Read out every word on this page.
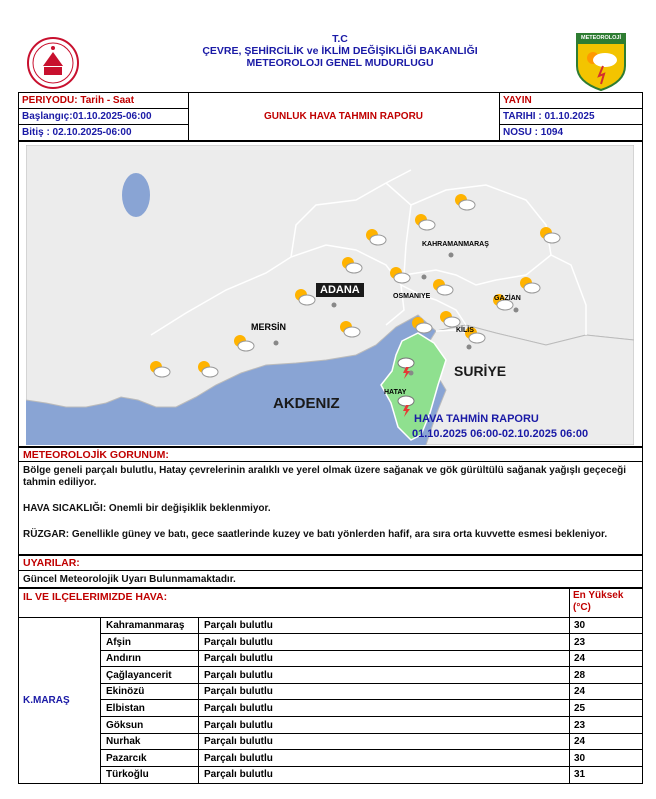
T.C
ÇEVRE, ŞEHİRCİLİK ve İKLİM DEĞİŞİKLİĞİ BAKANLIĞI
METEOROLOJI GENEL MUDURLUGU
METEOROLOJİ
PERIYODU: Tarih - Saat
Başlangıç:01.10.2025-06:00
Bitiş : 02.10.2025-06:00
GUNLUK HAVA TAHMIN RAPORU
YAYIN
TARIHI : 01.10.2025
NOSU : 1094
ADANA
MERSİN
OSMANIYE
KAHRAMANMARAŞ
GAZİAN
KİLİS
HATAY
SURİYE
AKDENIZ
HAVA TAHMİN RAPORU
01.10.2025 06:00-02.10.2025 06:00
METEOROLOJİK GORUNUM:
Bölge geneli parçalı bulutlu, Hatay çevrelerinin aralıklı ve yerel olmak üzere sağanak ve gök gürültülü sağanak yağışlı geçeceği tahmin ediliyor.
HAVA SICAKLIĞI: Onemli bir değişiklik beklenmiyor.
RÜZGAR: Genellikle güney ve batı, gece saatlerinde kuzey ve batı yönlerden hafif, ara sıra orta kuvvette esmesi bekleniyor.
UYARILAR:
Güncel Meteorolojik Uyarı Bulunmamaktadır.
IL VE ILÇELERIMIZDE HAVA:	En Yüksek (°C)
K.MARAŞ
Kahramanmaraş Parçalı bulutlu	30
Afşin	Parçalı bulutlu	23
Andırın	Parçalı bulutlu	24
Çağlayancerit	Parçalı bulutlu	28
Ekinözü	Parçalı bulutlu	24
Elbistan	Parçalı bulutlu	25
Göksun	Parçalı bulutlu	23
Nurhak	Parçalı bulutlu	24
Pazarcık	Parçalı bulutlu	30
Türkoğlu	Parçalı bulutlu	31
